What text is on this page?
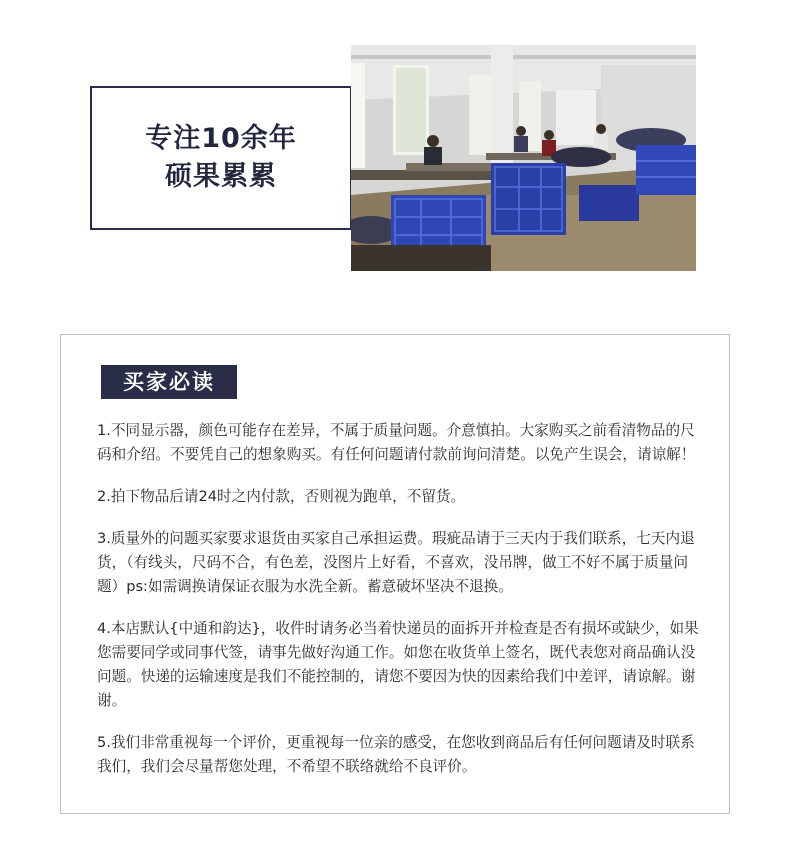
专注10余年
硕果累累
买家必读

1.不同显示器，颜色可能存在差异，不属于质量问题。介意慎拍。大家购买之前看清物品的尺码和介绍。不要凭自己的想象购买。有任何问题请付款前询问清楚。以免产生误会，请谅解！

2.拍下物品后请24时之内付款，否则视为跑单，不留货。

3.质量外的问题买家要求退货由买家自己承担运费。瑕疵品请于三天内于我们联系，七天内退货，（有线头，尺码不合，有色差，没图片上好看，不喜欢，没吊牌，做工不好不属于质量问题）ps:如需调换请保证衣服为水洗全新。蓄意破坏坚决不退换。

4.本店默认{中通和韵达}，收件时请务必当着快递员的面拆开并检查是否有损坏或缺少，如果您需要同学或同事代签，请事先做好沟通工作。如您在收货单上签名，既代表您对商品确认没问题。快递的运输速度是我们不能控制的，请您不要因为快的因素给我们中差评，请谅解。谢谢。

5.我们非常重视每一个评价，更重视每一位亲的感受，在您收到商品后有任何问题请及时联系我们，我们会尽量帮您处理，不希望不联络就给不良评价。
